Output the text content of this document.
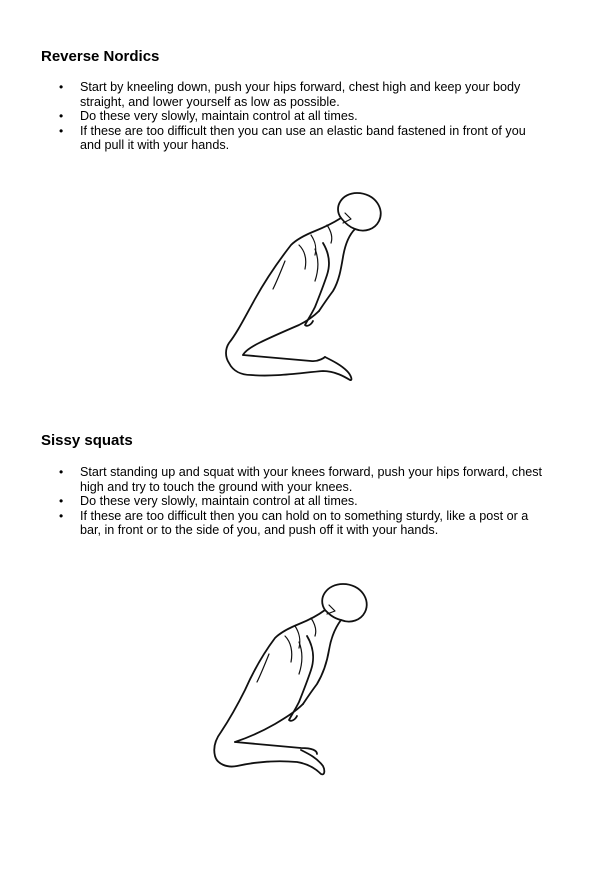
Reverse Nordics
• Start by kneeling down, push your hips forward, chest high and keep your body straight, and lower yourself as low as possible.
• Do these very slowly, maintain control at all times.
• If these are too difficult then you can use an elastic band fastened in front of you and pull it with your hands.
Sissy squats
• Start standing up and squat with your knees forward, push your hips forward, chest high and try to touch the ground with your knees.
• Do these very slowly, maintain control at all times.
• If these are too difficult then you can hold on to something sturdy, like a post or a bar, in front or to the side of you, and push off it with your hands.
